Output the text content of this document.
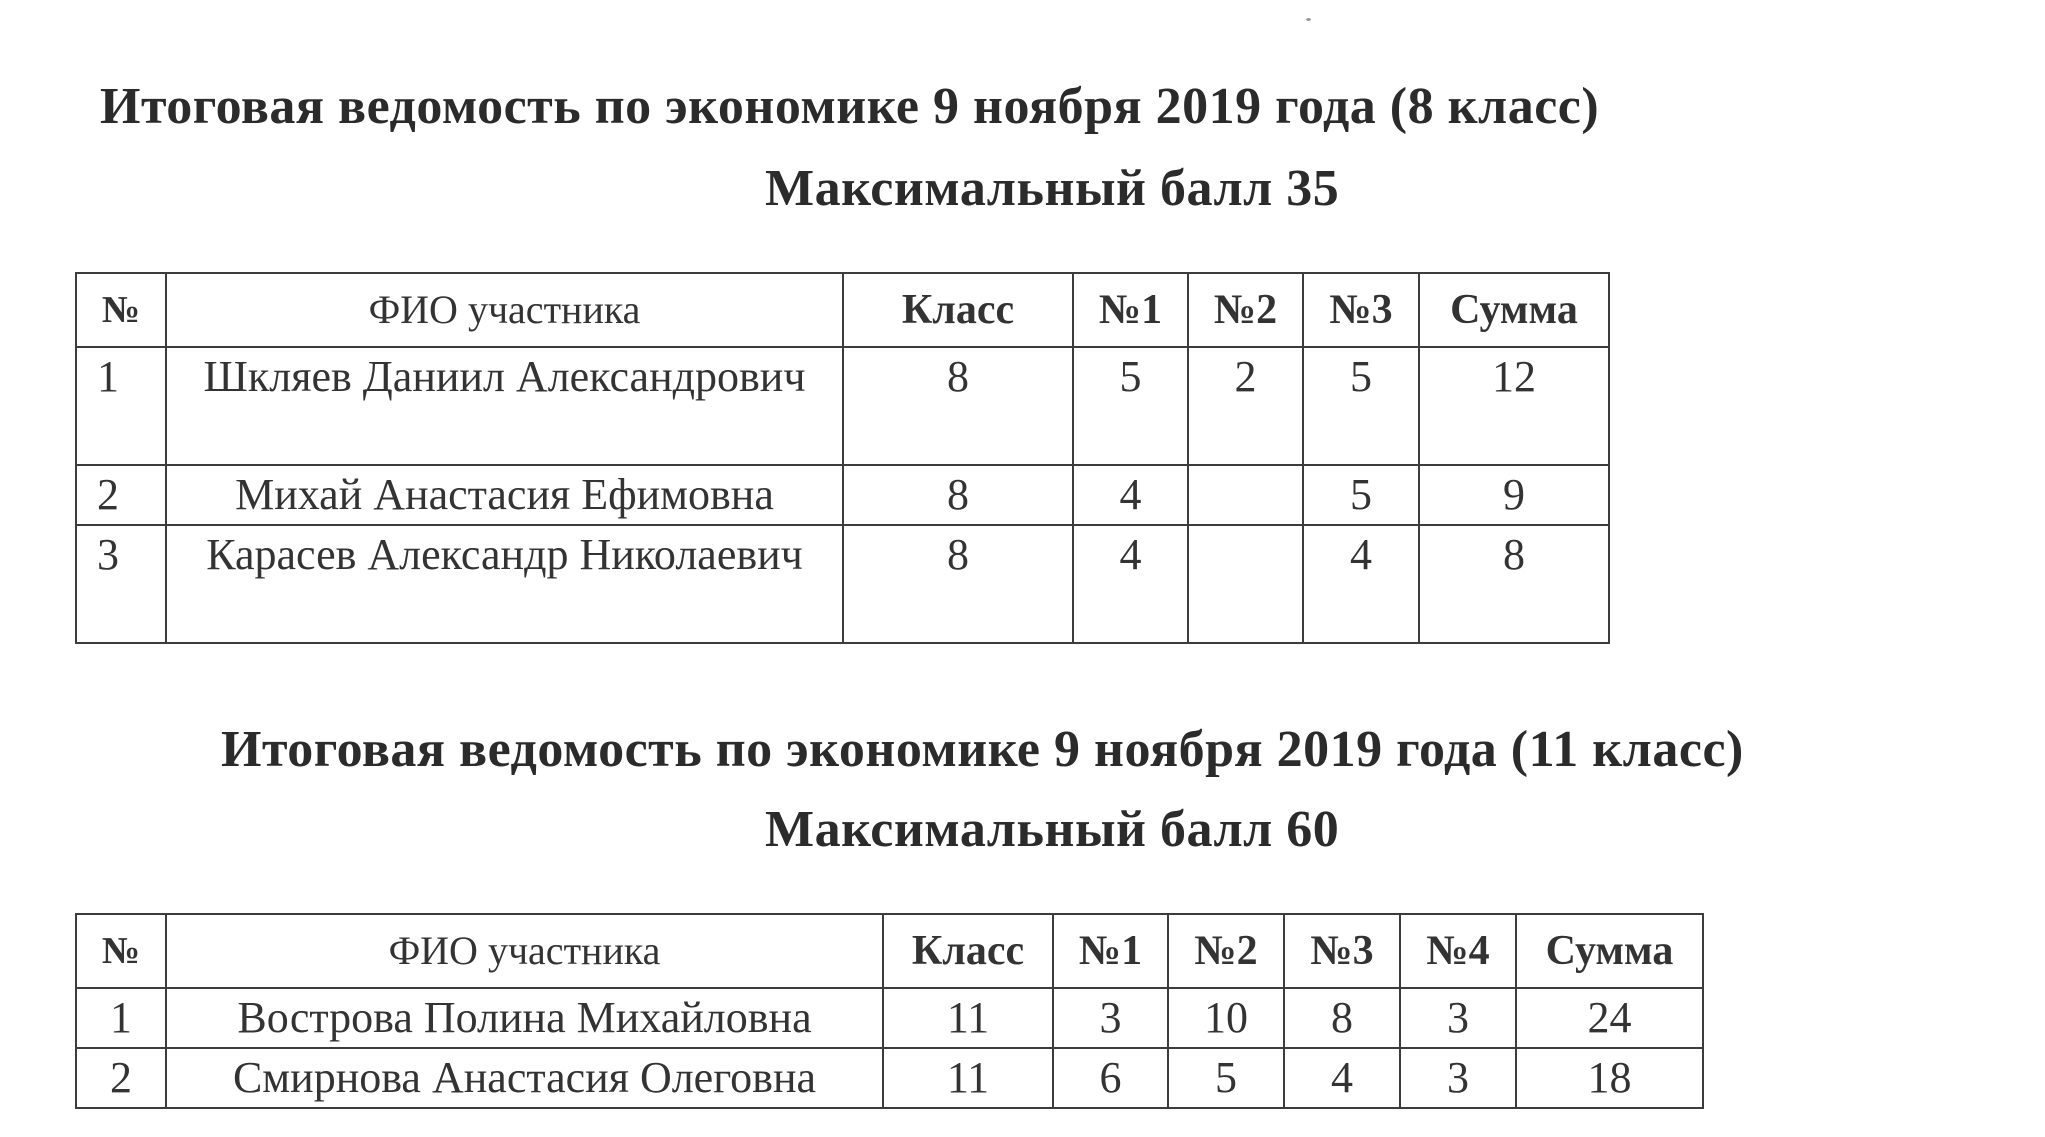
Итоговая ведомость по экономике 9 ноября 2019 года (8 класс)
Максимальный балл 35
№	ФИО участника	Класс	№1	№2	№3	Сумма
1	Шкляев Даниил Александрович	8	5	2	5	12
2	Михай Анастасия Ефимовна	8	4		5	9
3	Карасев Александр Николаевич	8	4		4	8
Итоговая ведомость по экономике 9 ноября 2019 года (11 класс)
Максимальный балл 60
№	ФИО участника	Класс	№1	№2	№3	№4	Сумма
1	Вострова Полина Михайловна	11	3	10	8	3	24
2	Смирнова Анастасия Олеговна	11	6	5	4	3	18
